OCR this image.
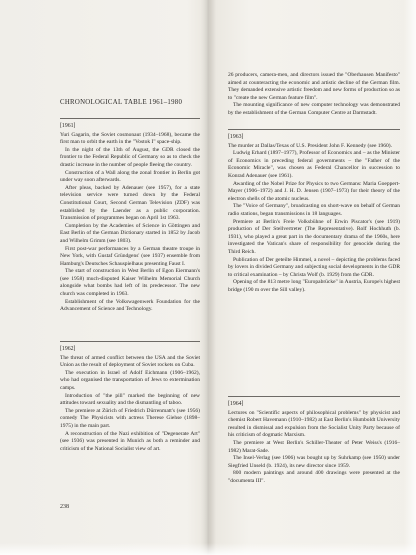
CHRONOLOGICAL TABLE 1961–1980
[1961]

Yuri Gagarin, the Soviet cosmonaut (1934–1968), became the first man to orbit the earth in the "Vostok I" space-ship.

In the night of the 13th of August, the GDR closed the frontier to the Federal Republic of Germany so as to check the drastic increase in the number of people fleeing the country.

Construction of a Wall along the zonal frontier in Berlin got under way soon afterwards.

After pleas, backed by Adenauer (see 1957), for a state television service were turned down by the Federal Constitutional Court, Second German Television (ZDF) was established by the Laender as a public corporation. Transmission of programmes began on April 1st 1963.

Completion by the Academies of Science in Göttingen and East Berlin of the German Dictionary started in 1852 by Jacob and Wilhelm Grimm (see 1803).

First post-war performances by a German theatre troupe in New York, with Gustaf Gründgens' (see 1937) ensemble from Hamburg's Deutsches Schauspielhaus presenting Faust I.

The start of construction in West Berlin of Egon Eiermann's (see 1958) much-disputed Kaiser Wilhelm Memorial Church alongside what bombs had left of its predecessor. The new church was completed in 1963.

Establishment of the Volkswagenwerk Foundation for the Advancement of Science and Technology.

[1962]

The threat of armed conflict between the USA and the Soviet Union as the result of deployment of Soviet rockets on Cuba.

The execution in Israel of Adolf Eichmann (1906–1962), who had organised the transportation of Jews to extermination camps.

Introduction of "the pill" marked the beginning of new attitudes toward sexuality and the dismantling of taboo.

The premiere at Zürich of Friedrich Dürrenmatt's (see 1956) comedy The Physicists with actress Therese Giehse (1898–1975) in the main part.

A reconstruction of the Nazi exhibition of "Degenerate Art" (see 1936) was presented in Munich as both a reminder and criticism of the National Socialist view of art.

238

26 producers, camera-men, and directors issued the "Oberhausen Manifesto" aimed at counteracting the economic and artistic decline of the German film. They demanded extensive artistic freedom and new forms of production so as to "create the new German feature film".

The mounting significance of new computer technology was demonstrated by the establishment of the German Computer Centre at Darmstadt.

[1963]

The murder at Dallas/Texas of U.S. President John F. Kennedy (see 1960).

Ludwig Erhard (1897–1977), Professor of Economics and – as the Minister of Economics in preceding federal governments – the "Father of the Economic Miracle", was chosen as Federal Chancellor in succession to Konrad Adenauer (see 1961).

Awarding of the Nobel Prize for Physics to two Germans: Maria Goeppert-Mayer (1906–1972) and J. H. D. Jensen (1907–1973) for their theory of the electron shells of the atomic nucleus.

The "Voice of Germany", broadcasting on short-wave on behalf of German radio stations, began transmissions in 18 languages.

Premiere at Berlin's Freie Volksbühne of Erwin Piscator's (see 1919) production of Der Stellvertreter (The Representative). Rolf Hochhuth (b. 1931), who played a great part in the documentary drama of the 1960s, here investigated the Vatican's share of responsibility for genocide during the Third Reich.

Publication of Der geteilte Himmel, a novel – depicting the problems faced by lovers in divided Germany and subjecting social developments in the GDR to critical examination – by Christa Wolf (b. 1929) from the GDR.

Opening of the 813 metre long "Europabrücke" in Austria, Europe's highest bridge (190 m over the Sill valley).

[1964]

Lectures on "Scientific aspects of philosophical problems" by physicist and chemist Robert Havemann (1910–1982) at East Berlin's Humboldt University resulted in dismissal and expulsion from the Socialist Unity Party because of his criticism of dogmatic Marxism.

The premiere at West Berlin's Schiller-Theater of Peter Weiss's (1916–1982) Marat-Sade.

The Insel-Verlag (see 1906) was bought up by Suhrkamp (see 1950) under Siegfried Unseld (b. 1924), its new director since 1959.

800 modern paintings and around 400 drawings were presented at the "documenta III".
